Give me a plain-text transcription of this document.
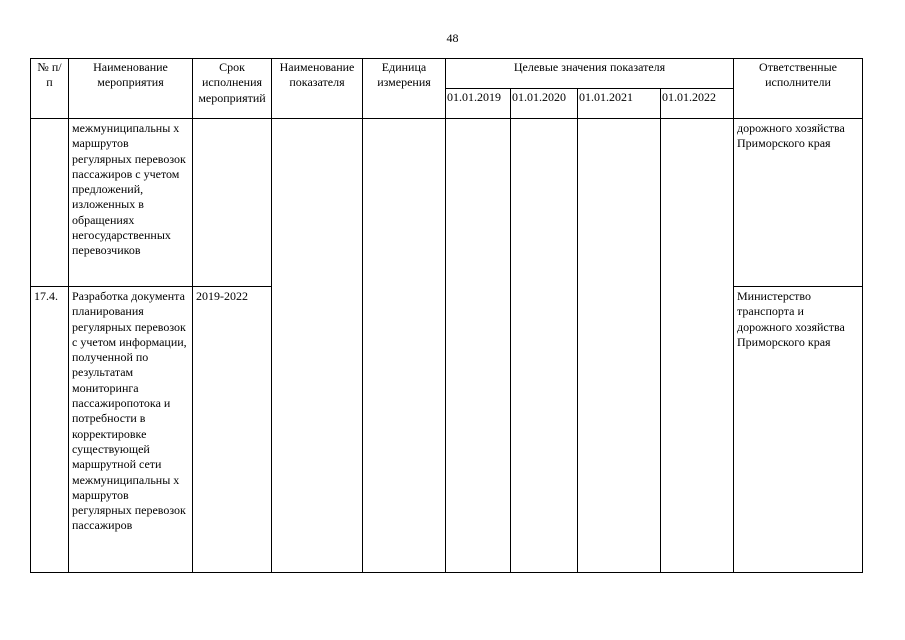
48
№ п/ п	Наименование мероприятия	Срок исполнения мероприятий	Наименование показателя	Единица измерения	Целевые значения показателя				Ответственные исполнители
					01.01.2019	01.01.2020	01.01.2021	01.01.2022	
	межмуниципальны х маршрутов регулярных перевозок пассажиров с учетом предложений, изложенных в обращениях негосударственных перевозчиков								дорожного хозяйства Приморского края
17.4.	Разработка документа планирования регулярных перевозок с учетом информации, полученной по результатам мониторинга пассажиропотока и потребности в корректировке существующей маршрутной сети межмуниципальны х маршрутов регулярных перевозок пассажиров	2019-2022							Министерство транспорта и дорожного хозяйства Приморского края
